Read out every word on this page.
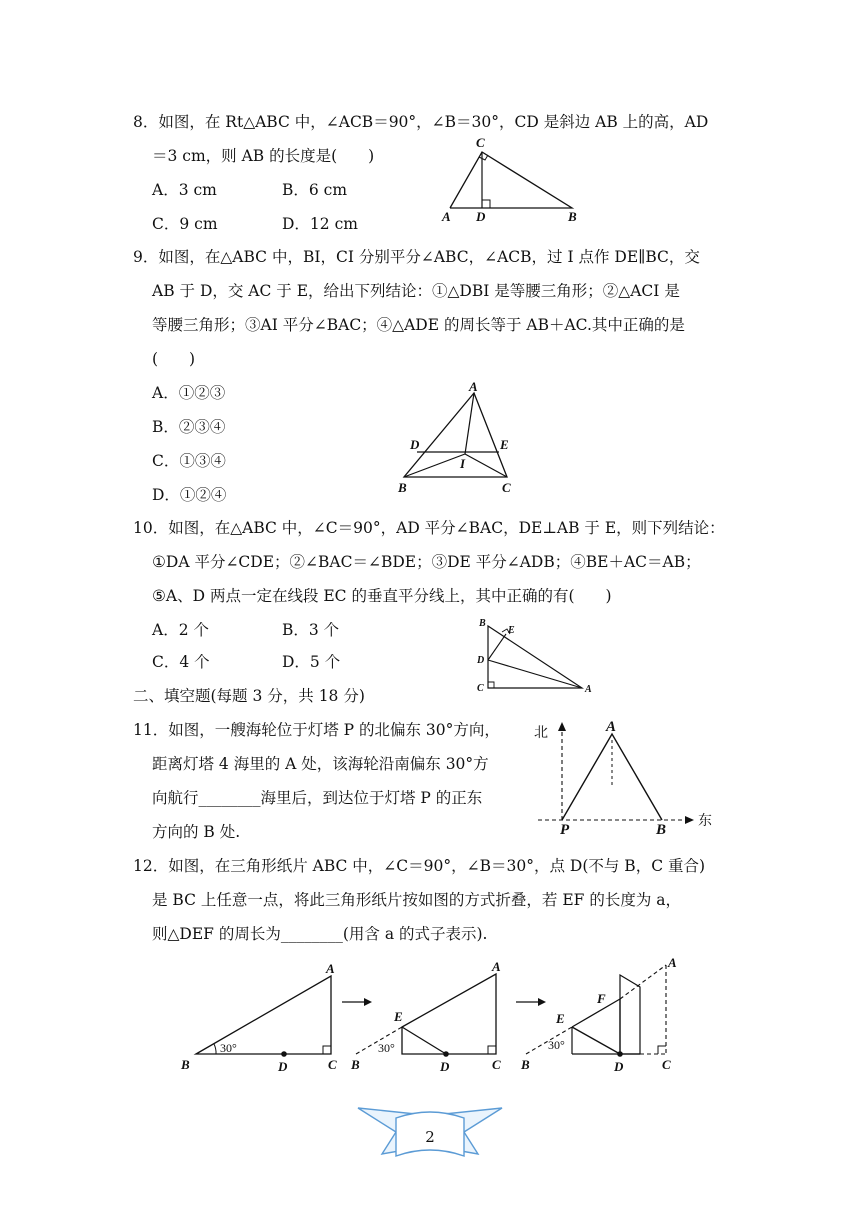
8．如图，在 Rt△ABC 中，∠ACB＝90°，∠B＝30°，CD 是斜边 AB 上的高，AD
＝3 cm，则 AB 的长度是(　　)
A．3 cm	B．6 cm
C．9 cm	D．12 cm
C
A D	B
9．如图，在△ABC 中，BI，CI 分别平分∠ABC，∠ACB，过 I 点作 DE∥BC，交
AB 于 D，交 AC 于 E，给出下列结论：①△DBI 是等腰三角形；②△ACI 是
等腰三角形；③AI 平分∠BAC；④△ADE 的周长等于 AB＋AC.其中正确的是
(　　)
A．①②③
B．②③④
C．①③④
D．①②④
A
D	E
I
B	C
10．如图，在△ABC 中，∠C＝90°，AD 平分∠BAC，DE⊥AB 于 E，则下列结论：
①DA 平分∠CDE；②∠BAC＝∠BDE；③DE 平分∠ADB；④BE＋AC＝AB；
⑤A、D 两点一定在线段 EC 的垂直平分线上，其中正确的有(　　)
A．2 个	B．3 个
C．4 个	D．5 个
B
E
D
C	A
二、填空题(每题 3 分，共 18 分)
11．如图，一艘海轮位于灯塔 P 的北偏东 30°方向，
距离灯塔 4 海里的 A 处，该海轮沿南偏东 30°方
向航行________海里后，到达位于灯塔 P 的正东
方向的 B 处.
北
东
A
P	B
12．如图，在三角形纸片 ABC 中，∠C＝90°，∠B＝30°，点 D(不与 B，C 重合)
是 BC 上任意一点，将此三角形纸片按如图的方式折叠，若 EF 的长度为 a，
则△DEF 的周长为________(用含 a 的式子表示).
30°
B	D	C
A
30°
E
B	D	C
A
30°
E
F
B	D	C
A
2
